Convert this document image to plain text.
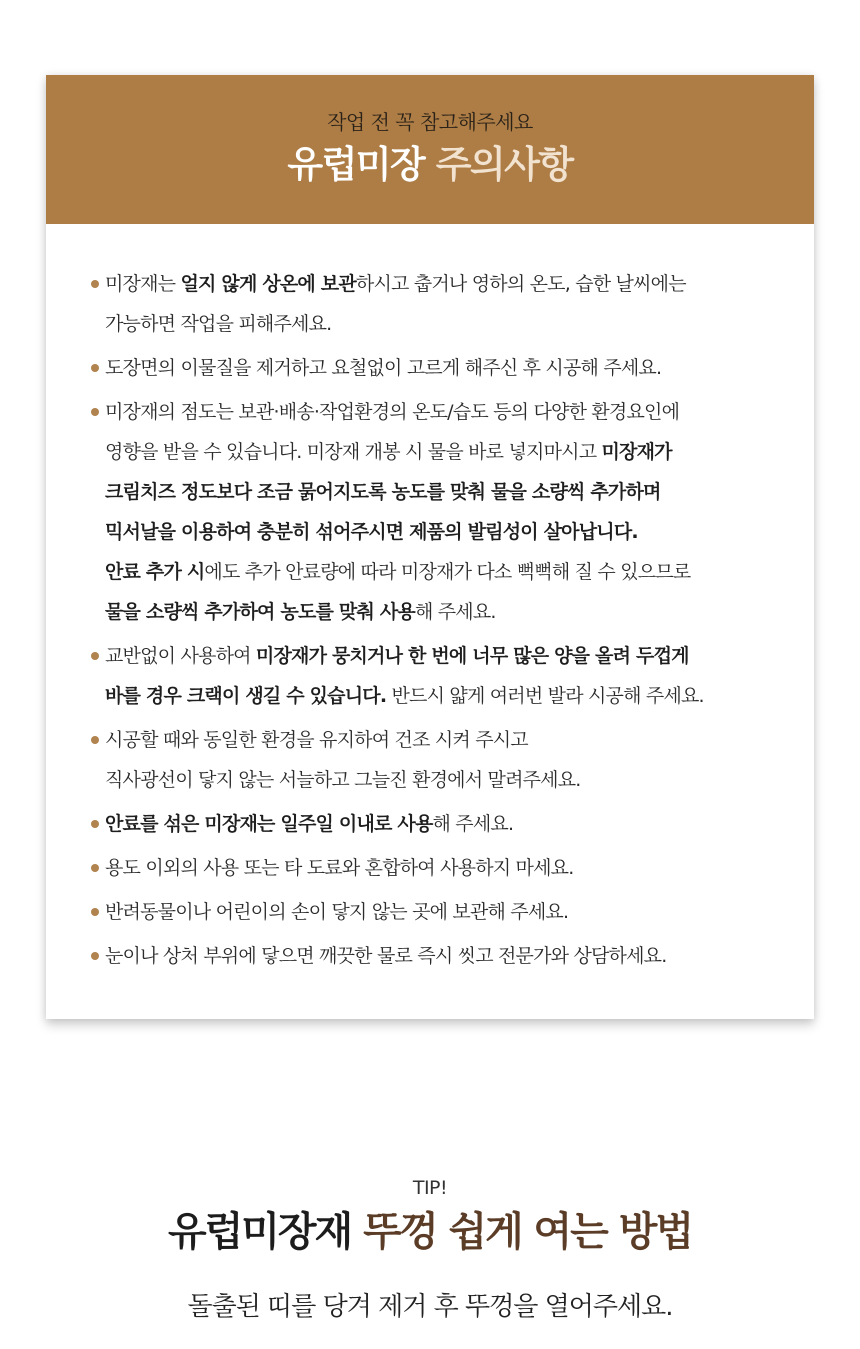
작업 전 꼭 참고해주세요
유럽미장 주의사항
미장재는 얼지 않게 상온에 보관하시고 춥거나 영하의 온도, 습한 날씨에는
가능하면 작업을 피해주세요.
도장면의 이물질을 제거하고 요철없이 고르게 해주신 후 시공해 주세요.
미장재의 점도는 보관·배송·작업환경의 온도/습도 등의 다양한 환경요인에
영향을 받을 수 있습니다. 미장재 개봉 시 물을 바로 넣지마시고 미장재가
크림치즈 정도보다 조금 묽어지도록 농도를 맞춰 물을 소량씩 추가하며
믹서날을 이용하여 충분히 섞어주시면 제품의 발림성이 살아납니다.
안료 추가 시에도 추가 안료량에 따라 미장재가 다소 뻑뻑해 질 수 있으므로
물을 소량씩 추가하여 농도를 맞춰 사용해 주세요.
교반없이 사용하여 미장재가 뭉치거나 한 번에 너무 많은 양을 올려 두껍게
바를 경우 크랙이 생길 수 있습니다. 반드시 얇게 여러번 발라 시공해 주세요.
시공할 때와 동일한 환경을 유지하여 건조 시켜 주시고
직사광선이 닿지 않는 서늘하고 그늘진 환경에서 말려주세요.
안료를 섞은 미장재는 일주일 이내로 사용해 주세요.
용도 이외의 사용 또는 타 도료와 혼합하여 사용하지 마세요.
반려동물이나 어린이의 손이 닿지 않는 곳에 보관해 주세요.
눈이나 상처 부위에 닿으면 깨끗한 물로 즉시 씻고 전문가와 상담하세요.
TIP!
유럽미장재 뚜껑 쉽게 여는 방법
돌출된 띠를 당겨 제거 후 뚜껑을 열어주세요.
